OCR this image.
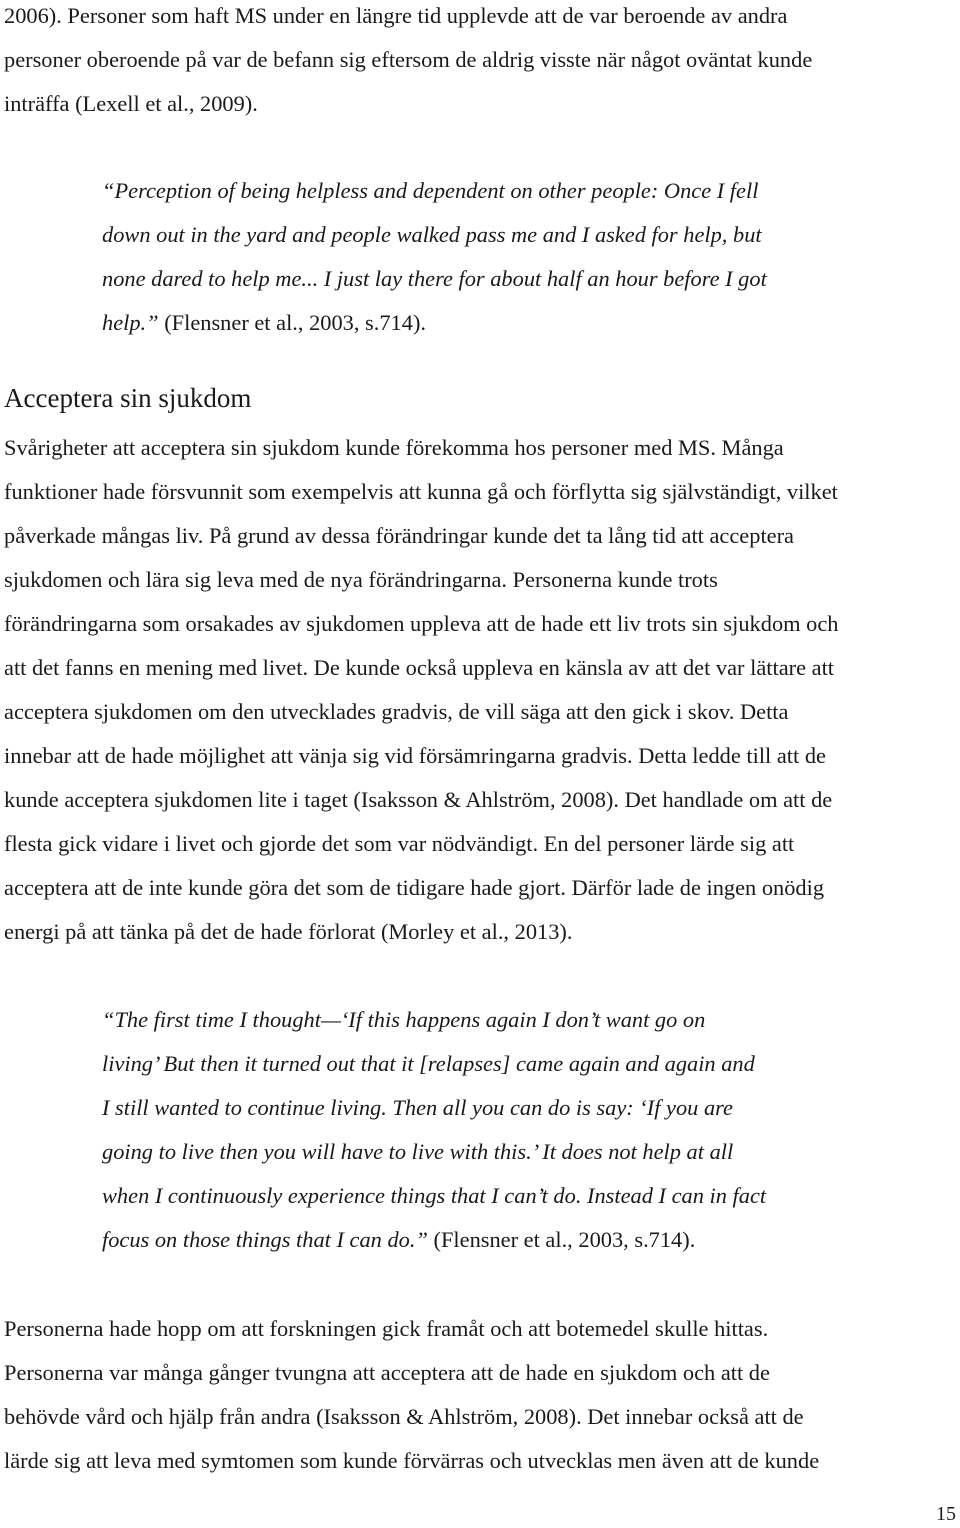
2006). Personer som haft MS under en längre tid upplevde att de var beroende av andra
personer oberoende på var de befann sig eftersom de aldrig visste när något oväntat kunde
inträffa (Lexell et al., 2009).
“Perception of being helpless and dependent on other people: Once I fell
down out in the yard and people walked pass me and I asked for help, but
none dared to help me... I just lay there for about half an hour before I got
help.” (Flensner et al., 2003, s.714).
Acceptera sin sjukdom
Svårigheter att acceptera sin sjukdom kunde förekomma hos personer med MS. Många
funktioner hade försvunnit som exempelvis att kunna gå och förflytta sig självständigt, vilket
påverkade mångas liv. På grund av dessa förändringar kunde det ta lång tid att acceptera
sjukdomen och lära sig leva med de nya förändringarna. Personerna kunde trots
förändringarna som orsakades av sjukdomen uppleva att de hade ett liv trots sin sjukdom och
att det fanns en mening med livet. De kunde också uppleva en känsla av att det var lättare att
acceptera sjukdomen om den utvecklades gradvis, de vill säga att den gick i skov. Detta
innebar att de hade möjlighet att vänja sig vid försämringarna gradvis. Detta ledde till att de
kunde acceptera sjukdomen lite i taget (Isaksson & Ahlström, 2008). Det handlade om att de
flesta gick vidare i livet och gjorde det som var nödvändigt. En del personer lärde sig att
acceptera att de inte kunde göra det som de tidigare hade gjort. Därför lade de ingen onödig
energi på att tänka på det de hade förlorat (Morley et al., 2013).
“The first time I thought—‘If this happens again I don’t want go on
living’ But then it turned out that it [relapses] came again and again and
I still wanted to continue living. Then all you can do is say: ‘If you are
going to live then you will have to live with this.’ It does not help at all
when I continuously experience things that I can’t do. Instead I can in fact
focus on those things that I can do.” (Flensner et al., 2003, s.714).
Personerna hade hopp om att forskningen gick framåt och att botemedel skulle hittas.
Personerna var många gånger tvungna att acceptera att de hade en sjukdom och att de
behövde vård och hjälp från andra (Isaksson & Ahlström, 2008). Det innebar också att de
lärde sig att leva med symtomen som kunde förvärras och utvecklas men även att de kunde
15
